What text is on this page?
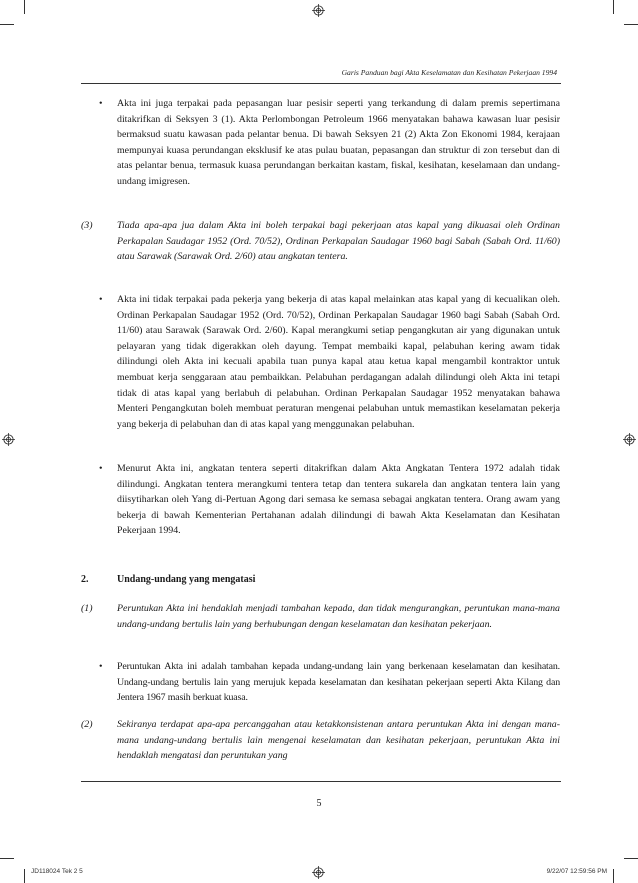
Garis Panduan bagi Akta Keselamatan dan Kesihatan Pekerjaan 1994
•	Akta ini juga terpakai pada pepasangan luar pesisir seperti yang terkandung di dalam premis sepertimana ditakrifkan di Seksyen 3 (1). Akta Perlombongan Petroleum 1966 menyatakan bahawa kawasan luar pesisir bermaksud suatu kawasan pada pelantar benua. Di bawah Seksyen 21 (2) Akta Zon Ekonomi 1984, kerajaan mempunyai kuasa perundangan eksklusif ke atas pulau buatan, pepasangan dan struktur di zon tersebut dan di atas pelantar benua, termasuk kuasa perundangan berkaitan kastam, fiskal, kesihatan, keselamaan dan undang-undang imigresen.
(3)	Tiada apa-apa jua dalam Akta ini boleh terpakai bagi pekerjaan atas kapal yang dikuasai oleh Ordinan Perkapalan Saudagar 1952 (Ord. 70/52), Ordinan Perkapalan Saudagar 1960 bagi Sabah (Sabah Ord. 11/60) atau Sarawak (Sarawak Ord. 2/60) atau angkatan tentera.
•	Akta ini tidak terpakai pada pekerja yang bekerja di atas kapal melainkan atas kapal yang di kecualikan oleh. Ordinan Perkapalan Saudagar 1952 (Ord. 70/52), Ordinan Perkapalan Saudagar 1960 bagi Sabah (Sabah Ord. 11/60) atau Sarawak (Sarawak Ord. 2/60). Kapal merangkumi setiap pengangkutan air yang digunakan untuk pelayaran yang tidak digerakkan oleh dayung. Tempat membaiki kapal, pelabuhan kering awam tidak dilindungi oleh Akta ini kecuali apabila tuan punya kapal atau ketua kapal mengambil kontraktor untuk membuat kerja senggaraan atau pembaikkan. Pelabuhan perdagangan adalah dilindungi oleh Akta ini tetapi tidak di atas kapal yang berlabuh di pelabuhan. Ordinan Perkapalan Saudagar 1952 menyatakan bahawa Menteri Pengangkutan boleh membuat peraturan mengenai pelabuhan untuk memastikan keselamatan pekerja yang bekerja di pelabuhan dan di atas kapal yang menggunakan pelabuhan.
•	Menurut Akta ini, angkatan tentera seperti ditakrifkan dalam Akta Angkatan Tentera 1972 adalah tidak dilindungi. Angkatan tentera merangkumi tentera tetap dan tentera sukarela dan angkatan tentera lain yang diisytiharkan oleh Yang di-Pertuan Agong dari semasa ke semasa sebagai angkatan tentera. Orang awam yang bekerja di bawah Kementerian Pertahanan adalah dilindungi di bawah Akta Keselamatan dan Kesihatan Pekerjaan 1994.
2.	Undang-undang yang mengatasi
(1)	Peruntukan Akta ini hendaklah menjadi tambahan kepada, dan tidak mengurangkan, peruntukan mana-mana undang-undang bertulis lain yang berhubungan dengan keselamatan dan kesihatan pekerjaan.
•	Peruntukan Akta ini adalah tambahan kepada undang-undang lain yang berkenaan keselamatan dan kesihatan. Undang-undang bertulis lain yang merujuk kepada keselamatan dan kesihatan pekerjaan seperti Akta Kilang dan Jentera 1967 masih berkuat kuasa.
(2)	Sekiranya terdapat apa-apa percanggahan atau ketakkonsistenan antara peruntukan Akta ini dengan mana-mana undang-undang bertulis lain mengenai keselamatan dan kesihatan pekerjaan, peruntukan Akta ini hendaklah mengatasi dan peruntukan yang
5
JD118024 Tek 2 5	9/22/07 12:59:56 PM
